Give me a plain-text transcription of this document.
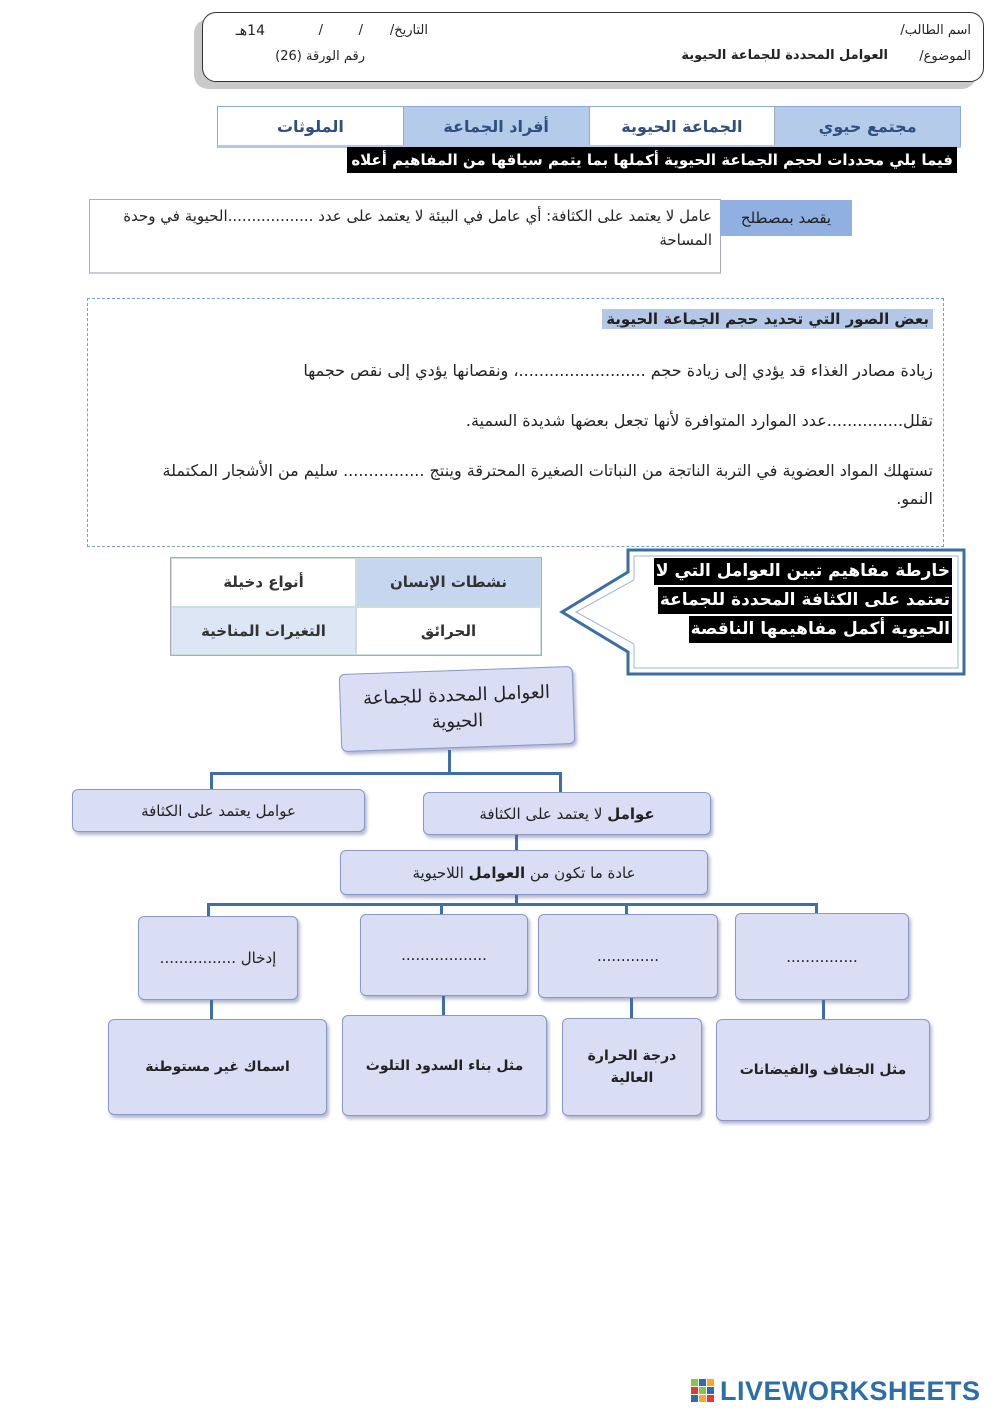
اسم الطالب/
التاريخ/
/
/
14هـ
الموضوع/
العوامل المحددة للجماعة الحيوية
رقم الورقة (26)
مجتمع حيوي
الجماعة الحيوية
أفراد الجماعة
الملوثات
فيما يلي محددات لحجم الجماعة الحيوية أكملها بما يتمم سياقها من المفاهيم أعلاه
عامل لا يعتمد على الكثافة: أي عامل في البيئة لا يعتمد على عدد ..................الحيوية في وحدة المساحة
يقصد بمصطلح
بعض الصور التي تحديد حجم الجماعة الحيوية
زيادة مصادر الغذاء قد يؤدي إلى زيادة حجم .........................، ونقصانها يؤدي إلى نقص حجمها
تقلل...............عدد الموارد المتوافرة لأنها تجعل بعضها شديدة السمية.
تستهلك المواد العضوية في التربة الناتجة من النباتات الصغيرة المحترقة وينتج ................ سليم من الأشجار المكتملة النمو.
نشطات الإنسان
أنواع دخيلة
الحرائق
التغيرات المناخية
خارطة مفاهيم تبين العوامل التي لا
تعتمد على الكثافة المحددة للجماعة
الحيوية أكمل مفاهيمها الناقصة
العوامل المحددة للجماعة الحيوية
عوامل يعتمد على الكثافة	عوامل لا يعتمد على الكثافة
عادة ما تكون من العوامل اللاحيوية
...............
.............
..................
إدخال ................
مثل الجفاف والفيضانات
درجة الحرارة العالية
مثل بناء السدود التلوث
اسماك غير مستوطنة
LIVEWORKSHEETS
